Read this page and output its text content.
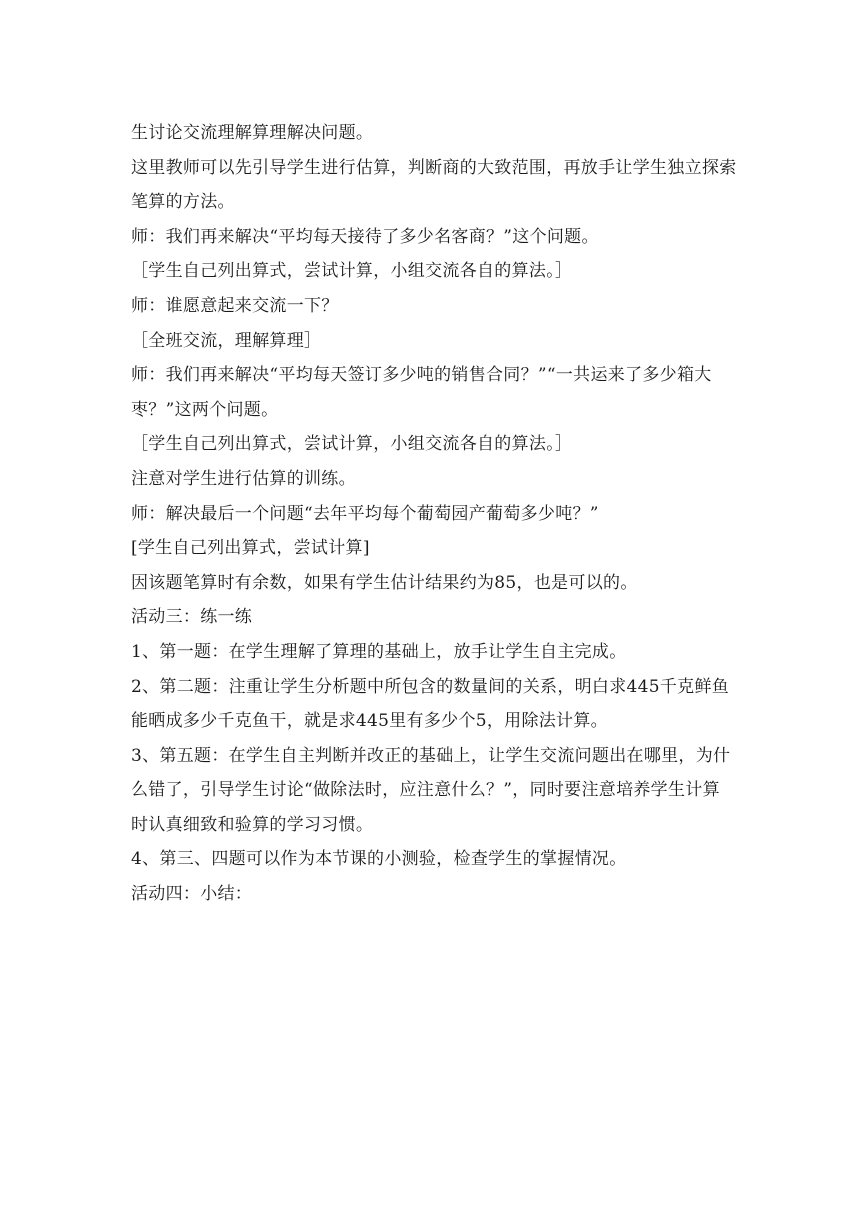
生讨论交流理解算理解决问题。
这里教师可以先引导学生进行估算，判断商的大致范围，再放手让学生独立探索
笔算的方法。
师：我们再来解决“平均每天接待了多少名客商？”这个问题。
［学生自己列出算式，尝试计算，小组交流各自的算法。］
师：谁愿意起来交流一下？
［全班交流，理解算理］
师：我们再来解决“平均每天签订多少吨的销售合同？”“一共运来了多少箱大
枣？”这两个问题。
［学生自己列出算式，尝试计算，小组交流各自的算法。］
注意对学生进行估算的训练。
师：解决最后一个问题“去年平均每个葡萄园产葡萄多少吨？”
[学生自己列出算式，尝试计算]
因该题笔算时有余数，如果有学生估计结果约为85，也是可以的。
活动三：练一练
1、第一题：在学生理解了算理的基础上，放手让学生自主完成。
2、第二题：注重让学生分析题中所包含的数量间的关系，明白求445千克鲜鱼
能晒成多少千克鱼干，就是求445里有多少个5，用除法计算。
3、第五题：在学生自主判断并改正的基础上，让学生交流问题出在哪里，为什
么错了，引导学生讨论“做除法时，应注意什么？”，同时要注意培养学生计算
时认真细致和验算的学习习惯。
4、第三、四题可以作为本节课的小测验，检查学生的掌握情况。
活动四：小结：
